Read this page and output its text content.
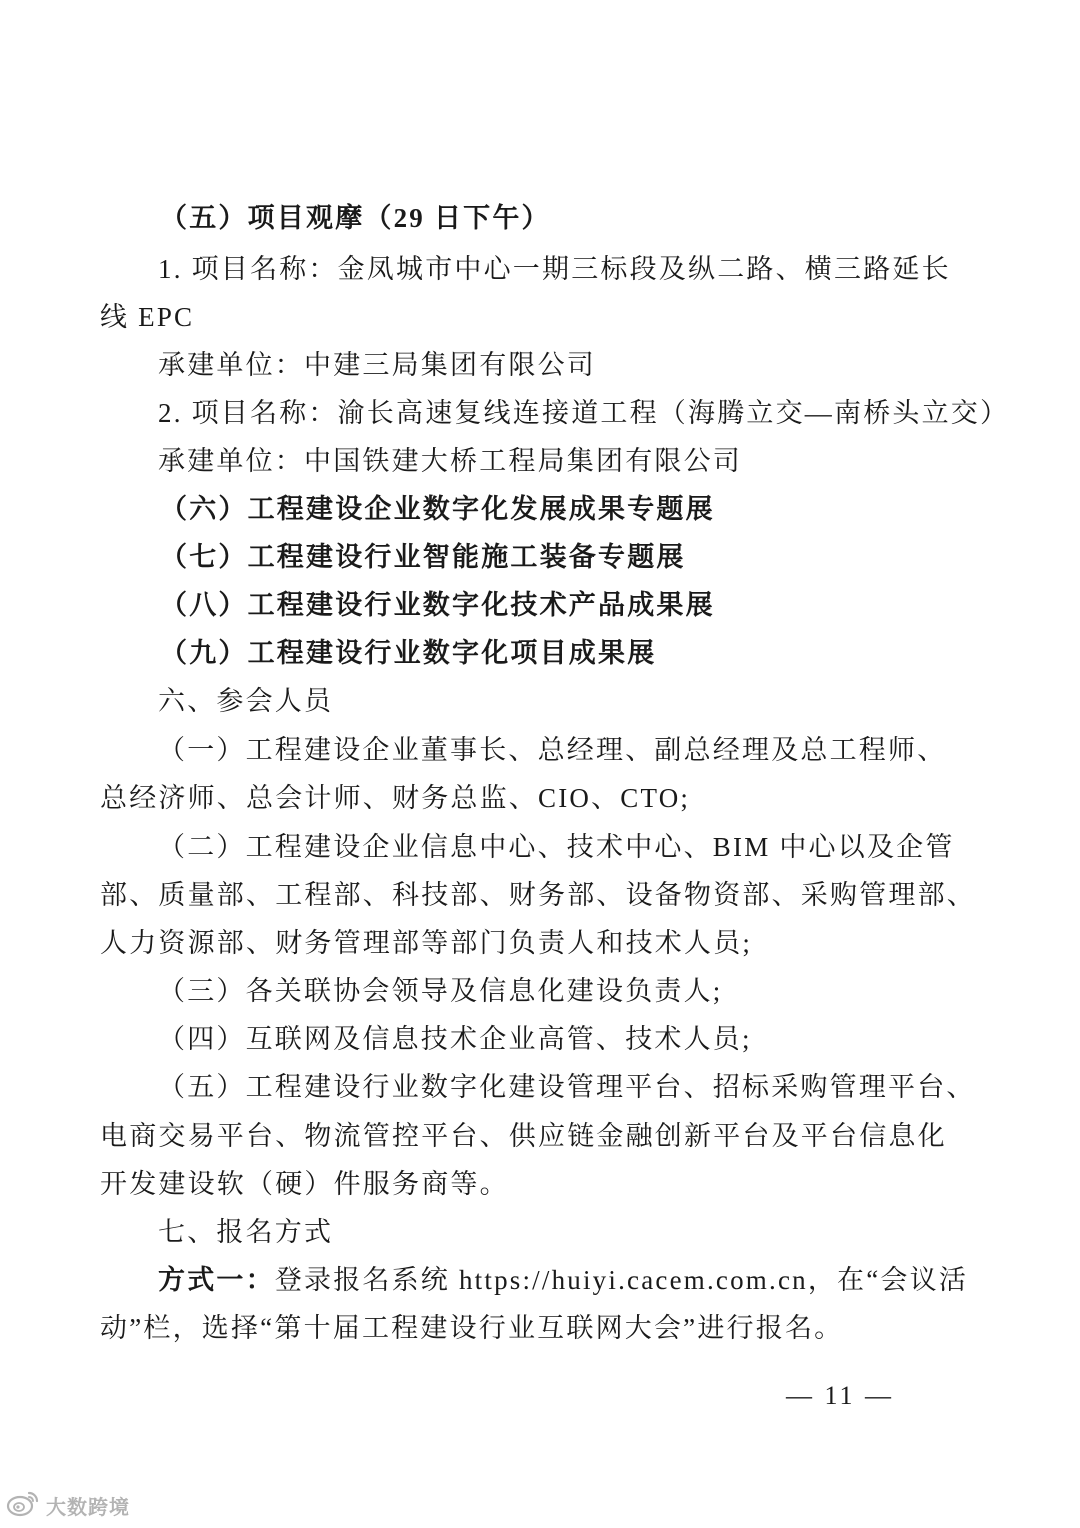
（五）项目观摩（29 日下午）
1. 项目名称：金凤城市中心一期三标段及纵二路、横三路延长
线 EPC
承建单位：中建三局集团有限公司
2. 项目名称：渝长高速复线连接道工程（海腾立交—南桥头立交）
承建单位：中国铁建大桥工程局集团有限公司
（六）工程建设企业数字化发展成果专题展
（七）工程建设行业智能施工装备专题展
（八）工程建设行业数字化技术产品成果展
（九）工程建设行业数字化项目成果展
六、参会人员
（一）工程建设企业董事长、总经理、副总经理及总工程师、
总经济师、总会计师、财务总监、CIO、CTO;
（二）工程建设企业信息中心、技术中心、BIM 中心以及企管
部、质量部、工程部、科技部、财务部、设备物资部、采购管理部、
人力资源部、财务管理部等部门负责人和技术人员;
（三）各关联协会领导及信息化建设负责人;
（四）互联网及信息技术企业高管、技术人员;
（五）工程建设行业数字化建设管理平台、招标采购管理平台、
电商交易平台、物流管控平台、供应链金融创新平台及平台信息化
开发建设软（硬）件服务商等。
七、报名方式
方式一：登录报名系统 https://huiyi.cacem.com.cn，在“会议活
动”栏，选择“第十届工程建设行业互联网大会”进行报名。
— 11 —
大数跨境
